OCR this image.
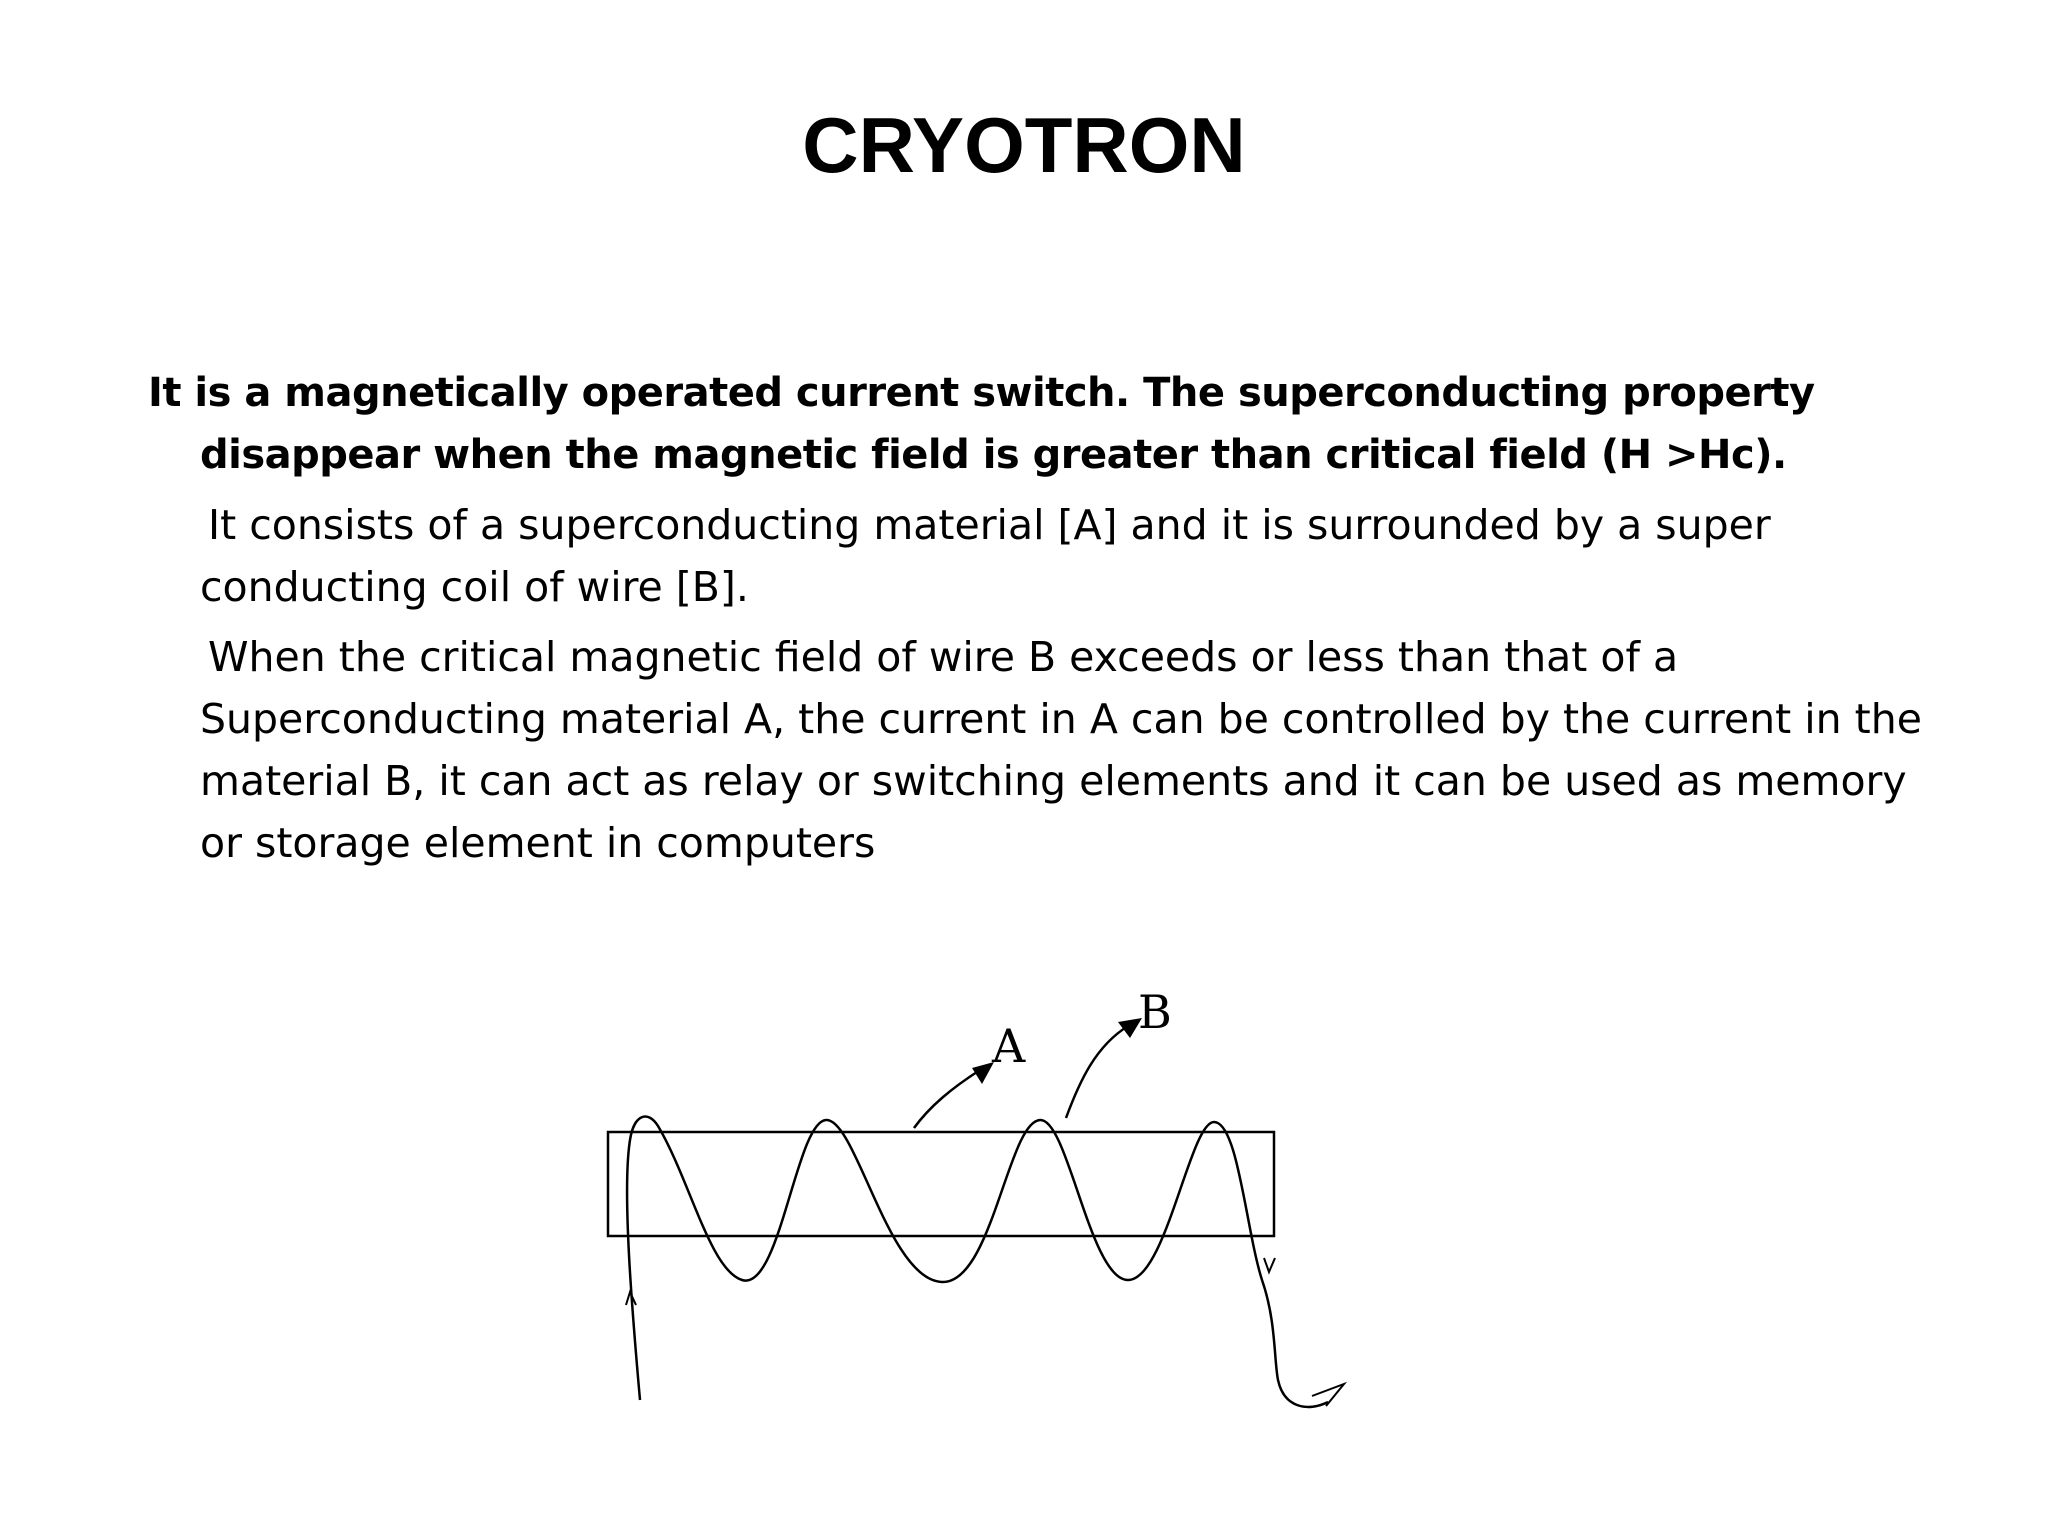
CRYOTRON

It is a magnetically operated current switch. The superconducting property disappear when the magnetic field is greater than critical field (H >Hc).

It consists of a superconducting material [A] and it is surrounded by a super conducting coil of wire [B].

When the critical magnetic field of wire B exceeds or less than that of a Superconducting material A, the current in A can be controlled by the current in the material B, it can act as relay or switching elements and it can be used as memory or storage element in computers

A
B
